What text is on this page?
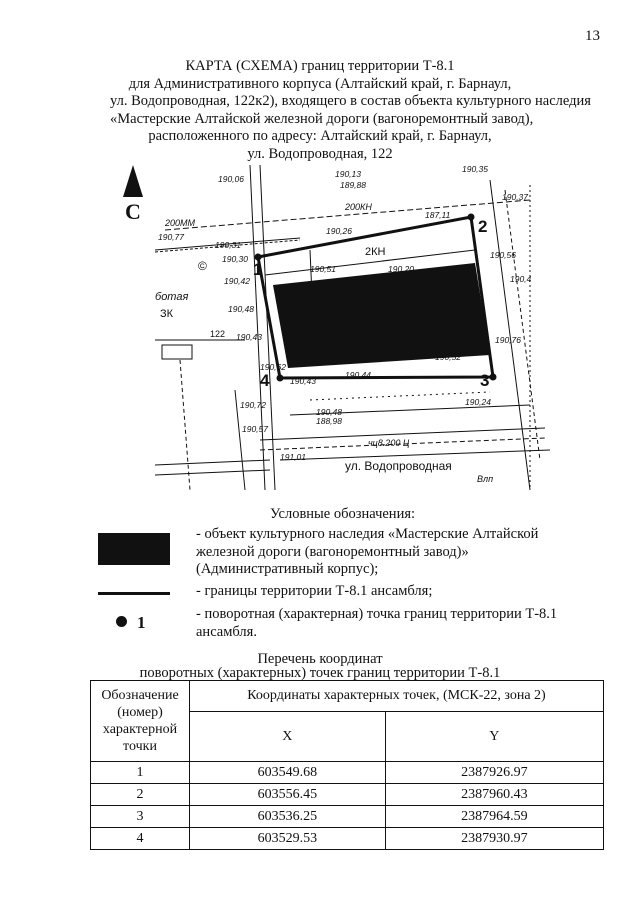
13
КАРТА (СХЕМА) границ территории Т-8.1
для Административного корпуса (Алтайский край, г. Барнаул,
ул. Водопроводная, 122к2), входящего в состав объекта культурного наследия
«Мастерские Алтайской железной дороги (вагоноремонтный завод),
расположенного по адресу: Алтайский край, г. Барнаул,
ул. Водопроводная, 122
С
2
3
4
1
2КН
122
ЗК
ботая
200ММ
200КН
©
чц8.200 Ц
Влп
190,06	190,13
189,88
190,35
190,77
190,31
190,30
190,42
190,48
190,43
190,26
190,51
190,44
190,76
190,72
190,57
190,48
188,98
191,01
190,43
190,20
190,52
190,37
190,4
187,11
190,56
190,24
190,62
ул. Водопроводная
Условные обозначения:
- объект культурного наследия «Мастерские Алтайской
железной дороги (вагоноремонтный завод)»
(Административный корпус);
- границы территории Т-8.1 ансамбля;
1	- поворотная (характерная) точка границ территории Т-8.1
ансамбля.
Перечень координат
поворотных (характерных) точек границ территории Т-8.1
Обозначение
(номер)
характерной
точки	Координаты характерных точек, (МСК-22, зона 2)	
	X	Y
1	603549.68	2387926.97
2	603556.45	2387960.43
3	603536.25	2387964.59
4	603529.53	2387930.97
